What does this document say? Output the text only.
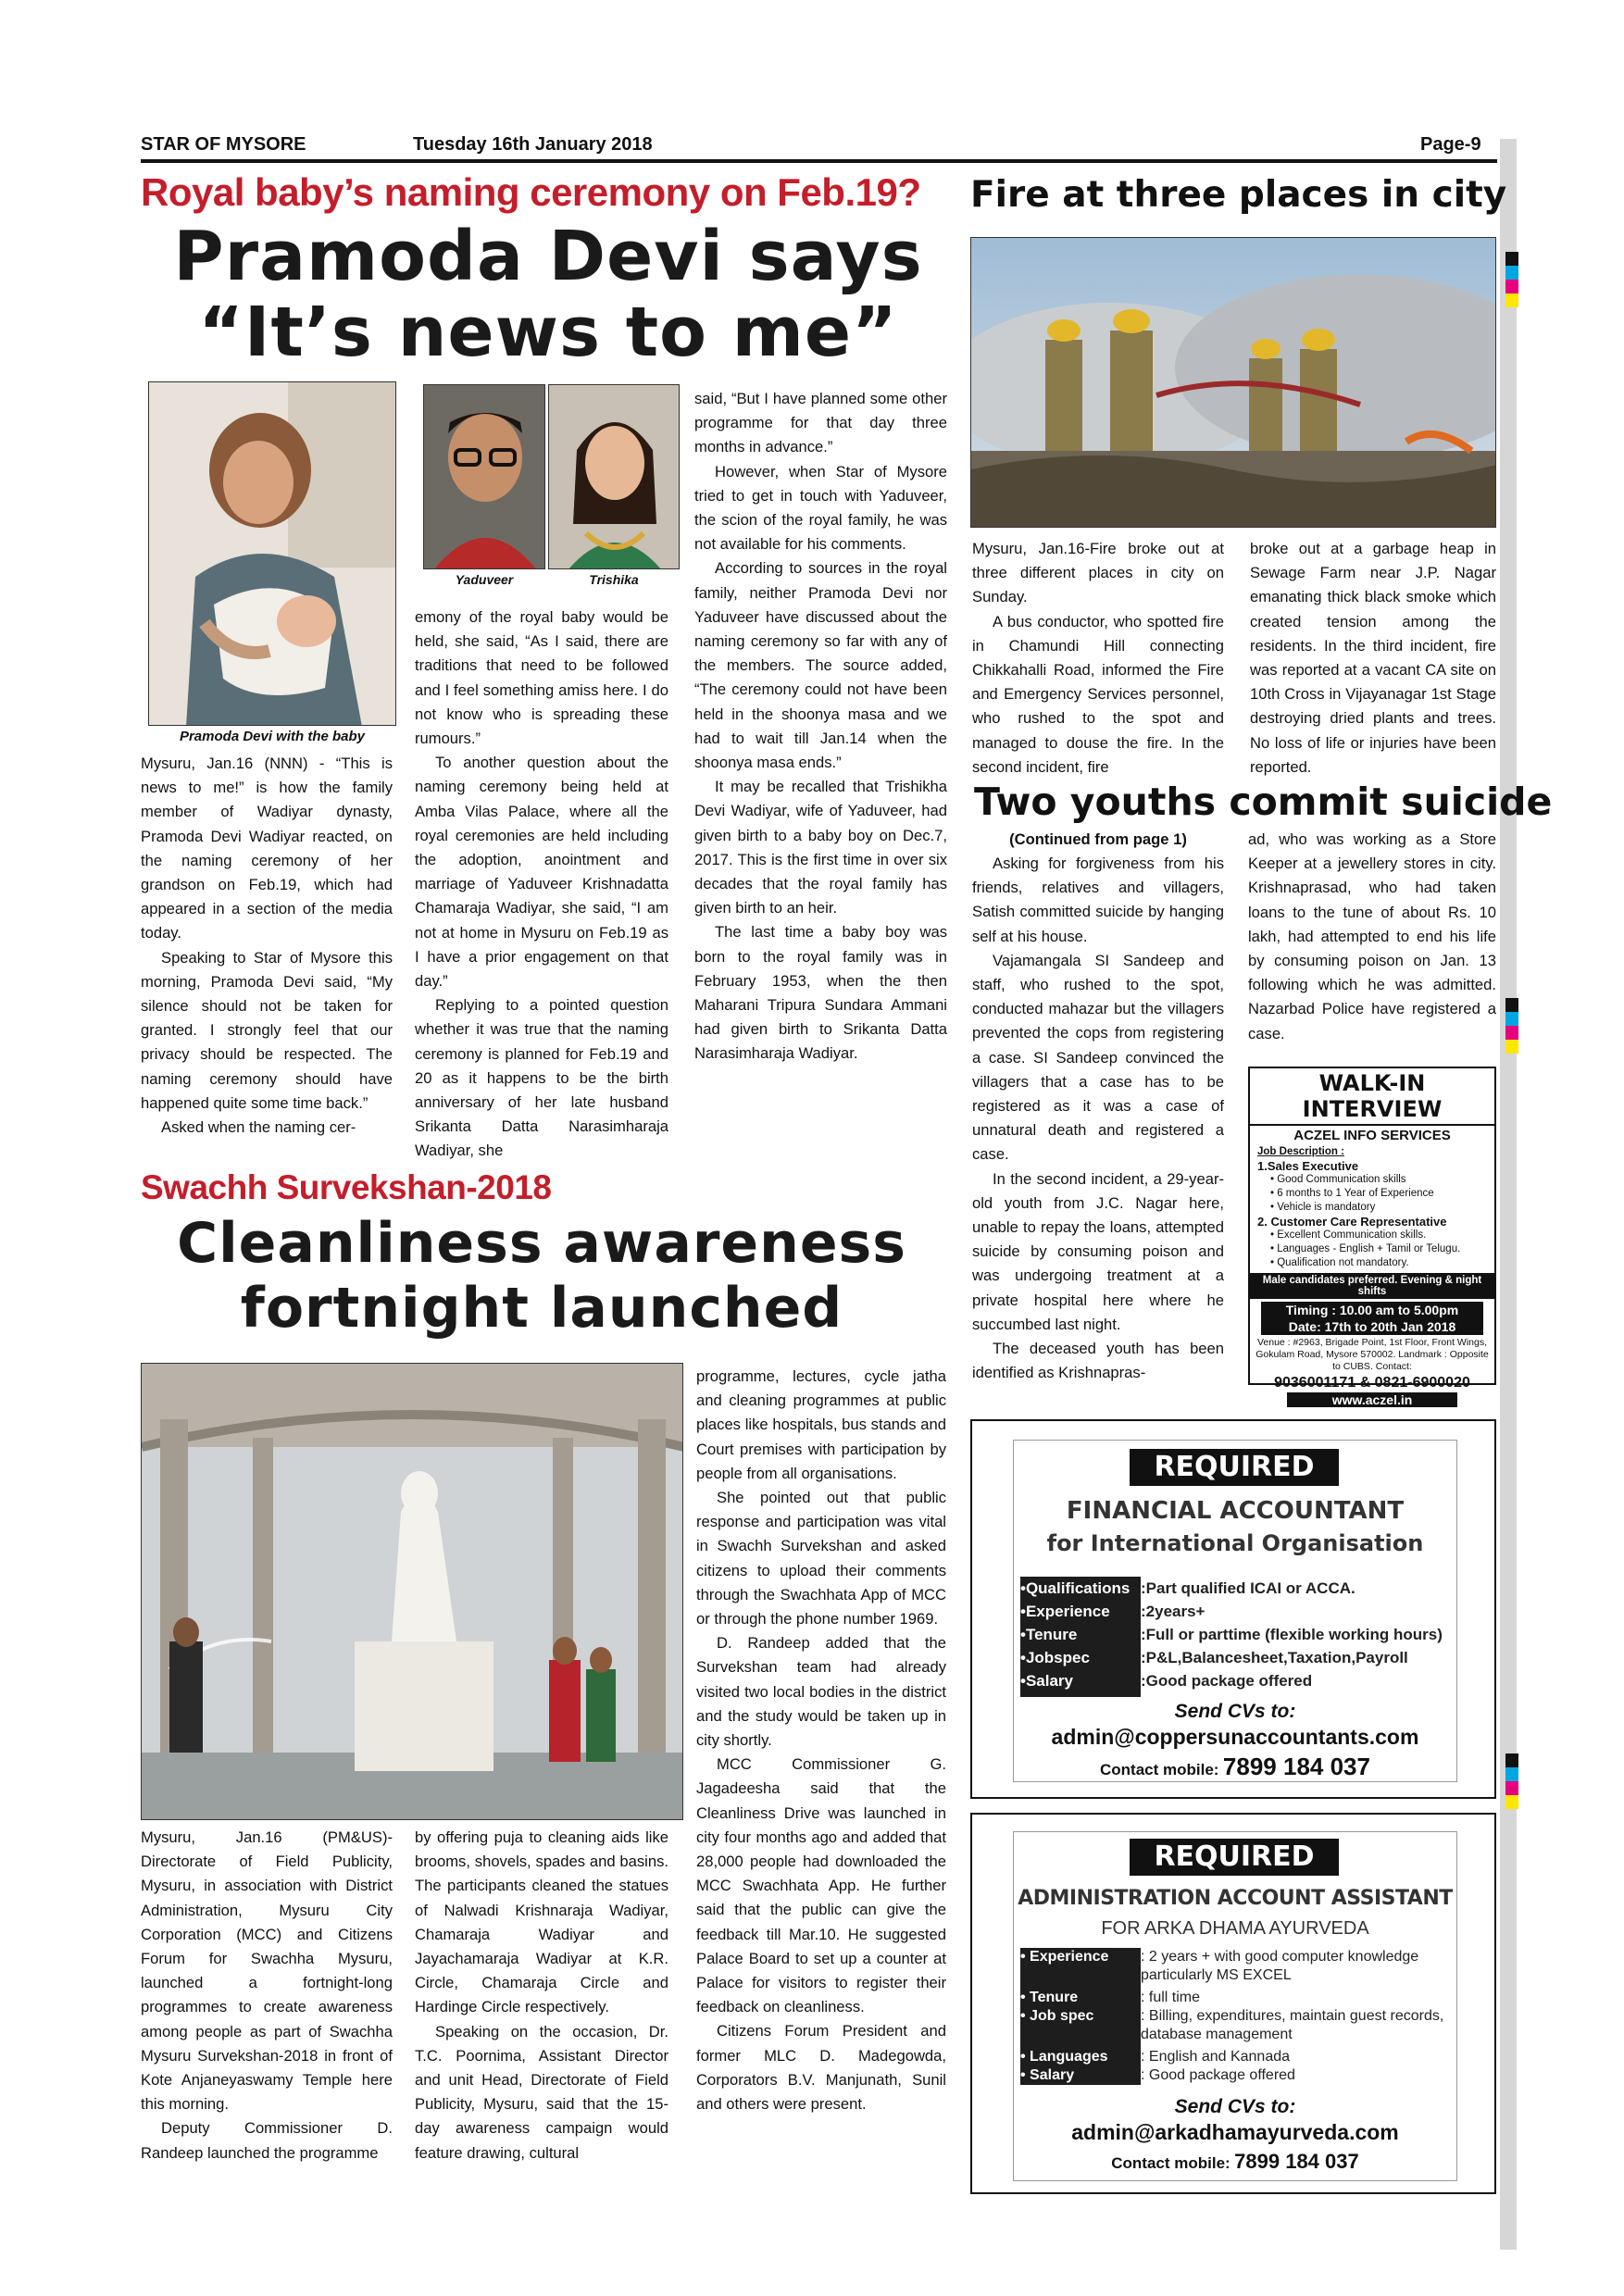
STAR OF MYSORE	Tuesday 16th January 2018	Page-9
Royal baby’s naming ceremony on Feb.19?
Pramoda Devi says
“It’s news to me”
Pramoda Devi with the baby
Yaduveer	Trishika

Mysuru, Jan.16 (NNN) - “This is news to me!” is how the family member of Wadiyar dynasty, Pramoda Devi Wadiyar reacted, on the naming ceremony of her grandson on Feb.19, which had appeared in a section of the media today.

Speaking to Star of Mysore this morning, Pramoda Devi said, “My silence should not be taken for granted. I strongly feel that our privacy should be respected. The naming ceremony should have happened quite some time back.”

Asked when the naming cer-

emony of the royal baby would be held, she said, “As I said, there are traditions that need to be followed and I feel something amiss here. I do not know who is spreading these rumours.”

To another question about the naming ceremony being held at Amba Vilas Palace, where all the royal ceremonies are held including the adoption, anointment and marriage of Yaduveer Krishnadatta Chamaraja Wadiyar, she said, “I am not at home in Mysuru on Feb.19 as I have a prior engagement on that day.”

Replying to a pointed question whether it was true that the naming ceremony is planned for Feb.19 and 20 as it happens to be the birth anniversary of her late husband Srikanta Datta Narasimharaja Wadiyar, she

said, “But I have planned some other programme for that day three months in advance.”

However, when Star of Mysore tried to get in touch with Yaduveer, the scion of the royal family, he was not available for his comments.

According to sources in the royal family, neither Pramoda Devi nor Yaduveer have discussed about the naming ceremony so far with any of the members. The source added, “The ceremony could not have been held in the shoonya masa and we had to wait till Jan.14 when the shoonya masa ends.”

It may be recalled that Trishikha Devi Wadiyar, wife of Yaduveer, had given birth to a baby boy on Dec.7, 2017. This is the first time in over six decades that the royal family has given birth to an heir.

The last time a baby boy was born to the royal family was in February 1953, when the then Maharani Tripura Sundara Ammani had given birth to Srikanta Datta Narasimharaja Wadiyar.

Fire at three places in city

Mysuru, Jan.16-Fire broke out at three different places in city on Sunday.

A bus conductor, who spotted fire in Chamundi Hill connecting Chikkahalli Road, informed the Fire and Emergency Services personnel, who rushed to the spot and managed to douse the fire. In the second incident, fire

broke out at a garbage heap in Sewage Farm near J.P. Nagar emanating thick black smoke which created tension among the residents. In the third incident, fire was reported at a vacant CA site on 10th Cross in Vijayanagar 1st Stage destroying dried plants and trees. No loss of life or injuries have been reported.

Two youths commit suicide
(Continued from page 1)

Asking for forgiveness from his friends, relatives and villagers, Satish committed suicide by hanging self at his house.

Vajamangala SI Sandeep and staff, who rushed to the spot, conducted mahazar but the villagers prevented the cops from registering a case. SI Sandeep convinced the villagers that a case has to be registered as it was a case of unnatural death and registered a case.

In the second incident, a 29-year-old youth from J.C. Nagar here, unable to repay the loans, attempted suicide by consuming poison and was undergoing treatment at a private hospital here where he succumbed last night.

The deceased youth has been identified as Krishnapras-

ad, who was working as a Store Keeper at a jewellery stores in city. Krishnaprasad, who had taken loans to the tune of about Rs. 10 lakh, had attempted to end his life by consuming poison on Jan. 13 following which he was admitted. Nazarbad Police have registered a case.

WALK-IN INTERVIEW
ACZEL INFO SERVICES
Job Description :
1.Sales Executive
• Good Communication skills
• 6 months to 1 Year of Experience
• Vehicle is mandatory
2. Customer Care Representative
• Excellent Communication skills.
• Languages - English + Tamil or Telugu.
• Qualification not mandatory.
Male candidates preferred. Evening & night shifts
Timing : 10.00 am to 5.00pm
Date: 17th to 20th Jan 2018
Venue : #2963, Brigade Point, 1st Floor, Front Wings, Gokulam Road, Mysore 570002. Landmark : Opposite to CUBS. Contact:
9036001171 & 0821-6900020
www.aczel.in
REQUIRED
FINANCIAL ACCOUNTANT
for International Organisation
•Qualifications :Part qualified ICAI or ACCA.
•Experience	:2years+
•Tenure	:Full or parttime (flexible working hours)
•Jobspec	:P&L,Balancesheet,Taxation,Payroll
•Salary	:Good package offered
Send CVs to:
admin@coppersunaccountants.com
Contact mobile: 7899 184 037
REQUIRED
ADMINISTRATION ACCOUNT ASSISTANT
FOR ARKA DHAMA AYURVEDA
• Experience	: 2 years + with good computer knowledge particularly MS EXCEL
• Tenure	: full time
• Job spec	: Billing, expenditures, maintain guest records, database management
• Languages	: English and Kannada
• Salary	: Good package offered
Send CVs to:
admin@arkadhamayurveda.com
Contact mobile: 7899 184 037
Swachh Survekshan-2018
Cleanliness awareness
fortnight launched

programme, lectures, cycle jatha and cleaning programmes at public places like hospitals, bus stands and Court premises with participation by people from all organisations.

She pointed out that public response and participation was vital in Swachh Survekshan and asked citizens to upload their comments through the Swachhata App of MCC or through the phone number 1969.

D. Randeep added that the Survekshan team had already visited two local bodies in the district and the study would be taken up in city shortly.

MCC Commissioner G. Jagadeesha said that the Cleanliness Drive was launched in city four months ago and added that 28,000 people had downloaded the MCC Swachhata App. He further said that the public can give the feedback till Mar.10. He suggested Palace Board to set up a counter at Palace for visitors to register their feedback on cleanliness.

Citizens Forum President and former MLC D. Madegowda, Corporators B.V. Manjunath, Sunil and others were present.

Mysuru, Jan.16 (PM&US)- Directorate of Field Publicity, Mysuru, in association with District Administration, Mysuru City Corporation (MCC) and Citizens Forum for Swachha Mysuru, launched a fortnight-long programmes to create awareness among people as part of Swachha Mysuru Survekshan-2018 in front of Kote Anjaneyaswamy Temple here this morning.

Deputy Commissioner D. Randeep launched the programme

by offering puja to cleaning aids like brooms, shovels, spades and basins. The participants cleaned the statues of Nalwadi Krishnaraja Wadiyar, Chamaraja Wadiyar and Jayachamaraja Wadiyar at K.R. Circle, Chamaraja Circle and Hardinge Circle respectively.

Speaking on the occasion, Dr. T.C. Poornima, Assistant Director and unit Head, Directorate of Field Publicity, Mysuru, said that the 15-day awareness campaign would feature drawing, cultural
